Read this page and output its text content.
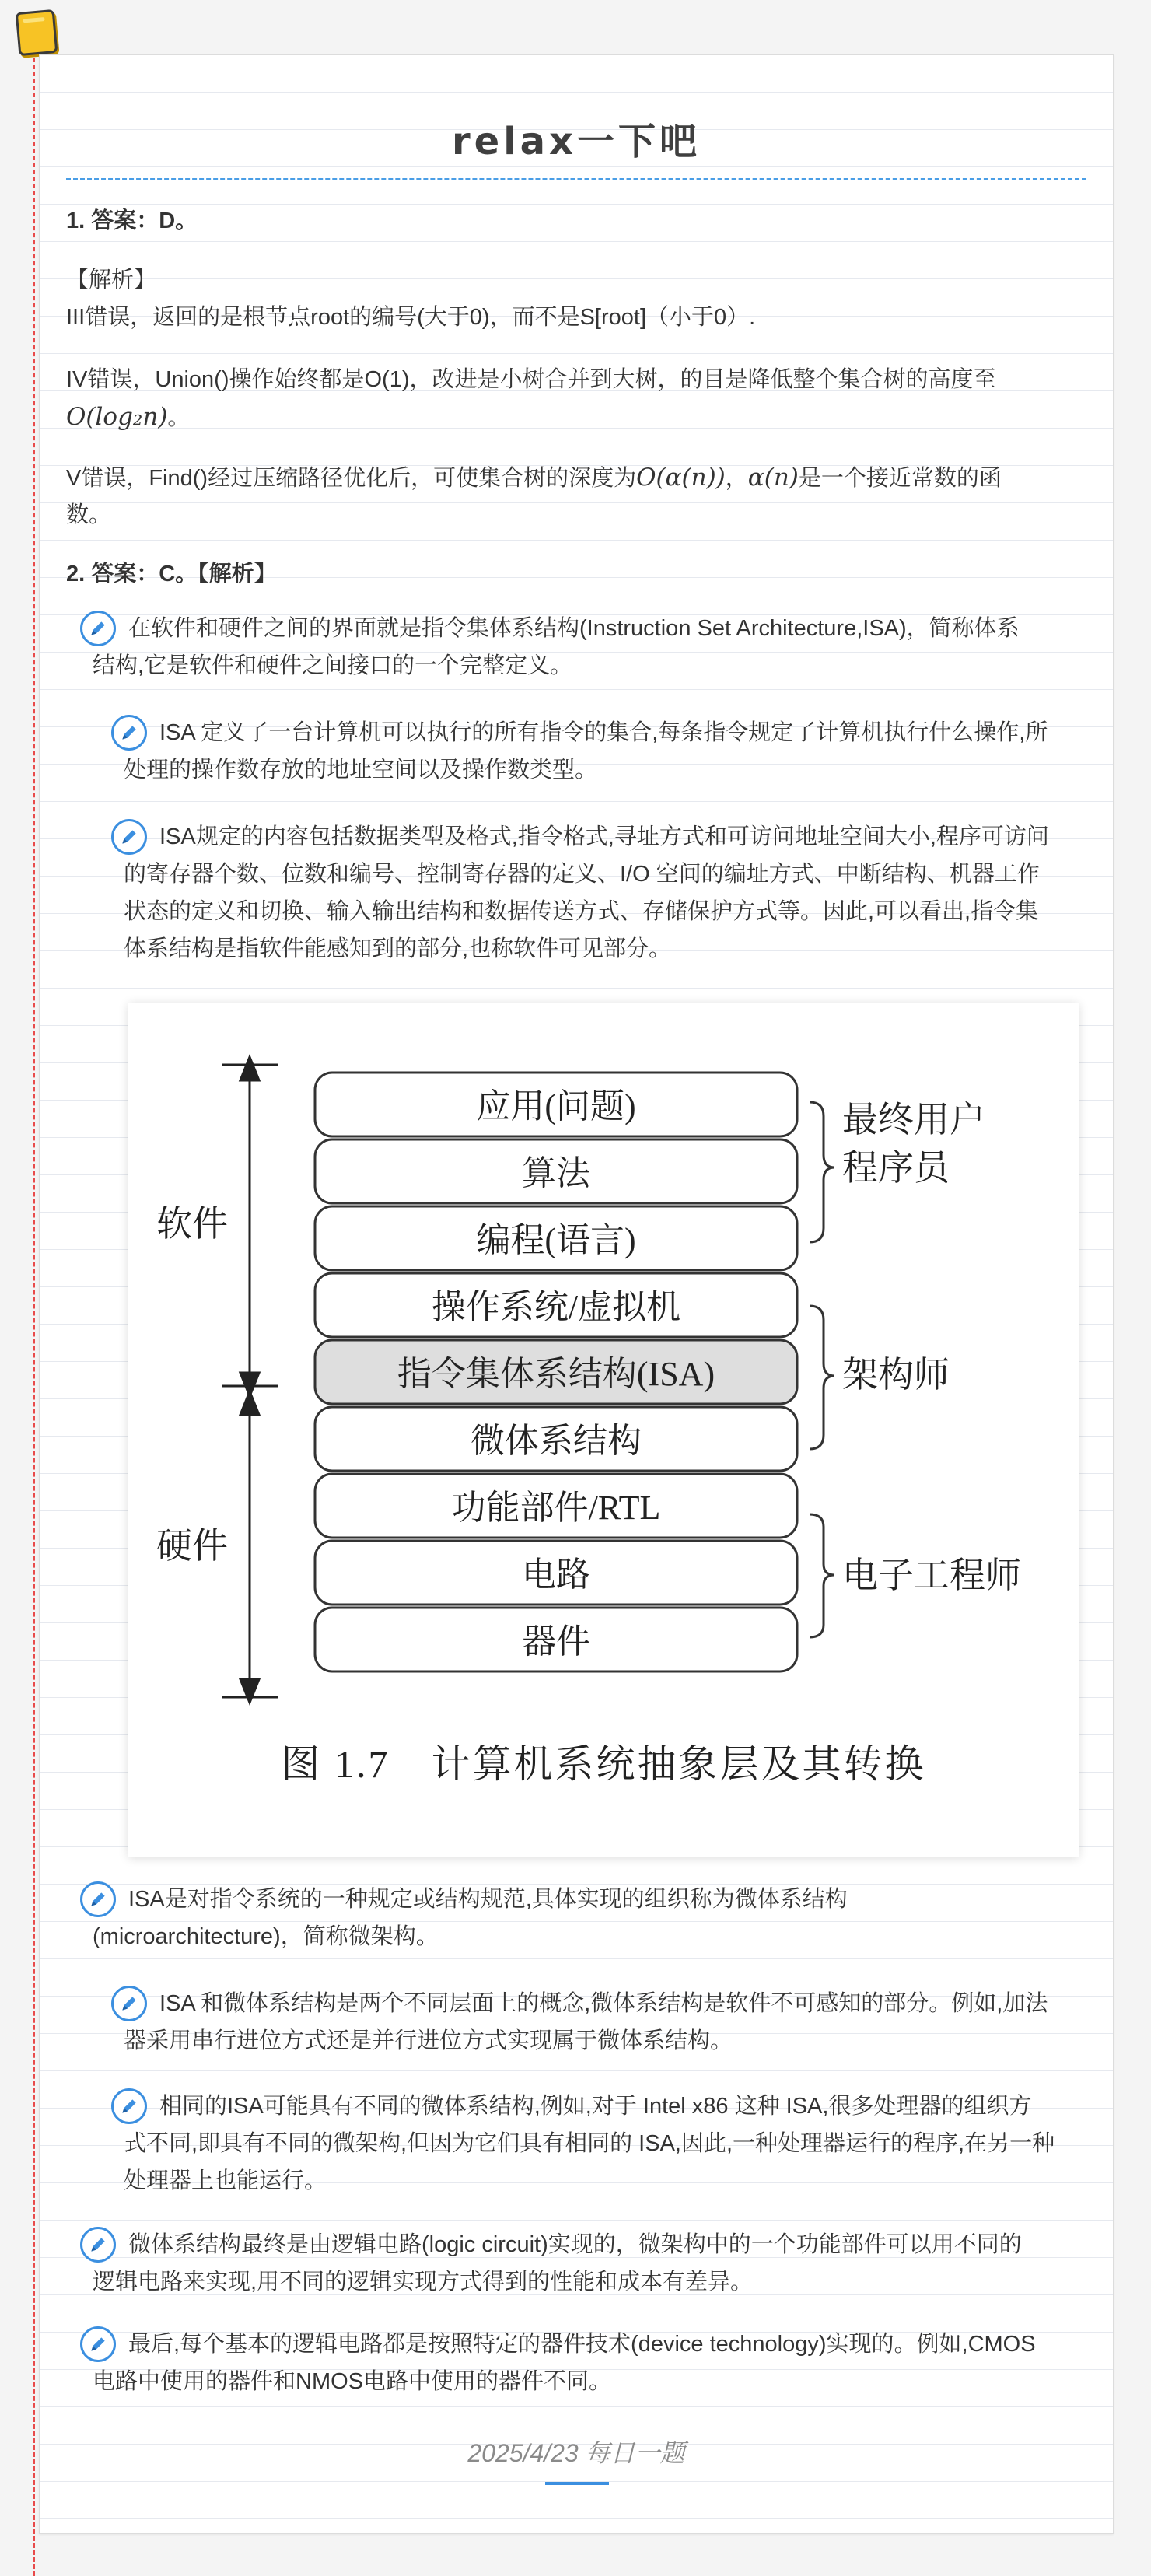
relax一下吧
1. 答案：D。
【解析】
III错误，返回的是根节点root的编号(大于0)，而不是S[root]（小于0）.
IV错误，Union()操作始终都是O(1)，改进是小树合并到大树，的目是降低整个集合树的高度至
O(log₂n)。
V错误，Find()经过压缩路径优化后，可使集合树的深度为O(α(n))，α(n)是一个接近常数的函
数。
2. 答案：C。【解析】
在软件和硬件之间的界面就是指令集体系结构(Instruction Set Architecture,ISA)，简称体系
结构,它是软件和硬件之间接口的一个完整定义。
ISA 定义了一台计算机可以执行的所有指令的集合,每条指令规定了计算机执行什么操作,所
处理的操作数存放的地址空间以及操作数类型。
ISA规定的内容包括数据类型及格式,指令格式,寻址方式和可访问地址空间大小,程序可访问
的寄存器个数、位数和编号、控制寄存器的定义、I/O 空间的编址方式、中断结构、机器工作
状态的定义和切换、输入输出结构和数据传送方式、存储保护方式等。因此,可以看出,指令集
体系结构是指软件能感知到的部分,也称软件可见部分。
应用(问题)
算法
编程(语言)
操作系统/虚拟机
指令集体系结构(ISA)
微体系结构
功能部件/RTL
电路
器件
软件
硬件
最终用户
程序员
架构师
电子工程师
图 1.7　计算机系统抽象层及其转换
ISA是对指令系统的一种规定或结构规范,具体实现的组织称为微体系结构
(microarchitecture)，简称微架构。
ISA 和微体系结构是两个不同层面上的概念,微体系结构是软件不可感知的部分。例如,加法
器采用串行进位方式还是并行进位方式实现属于微体系结构。
相同的ISA可能具有不同的微体系结构,例如,对于 Intel x86 这种 ISA,很多处理器的组织方
式不同,即具有不同的微架构,但因为它们具有相同的 ISA,因此,一种处理器运行的程序,在另一种
处理器上也能运行。
微体系结构最终是由逻辑电路(logic circuit)实现的，微架构中的一个功能部件可以用不同的
逻辑电路来实现,用不同的逻辑实现方式得到的性能和成本有差异。
最后,每个基本的逻辑电路都是按照特定的器件技术(device technology)实现的。例如,CMOS
电路中使用的器件和NMOS电路中使用的器件不同。
2025/4/23 每日一题
